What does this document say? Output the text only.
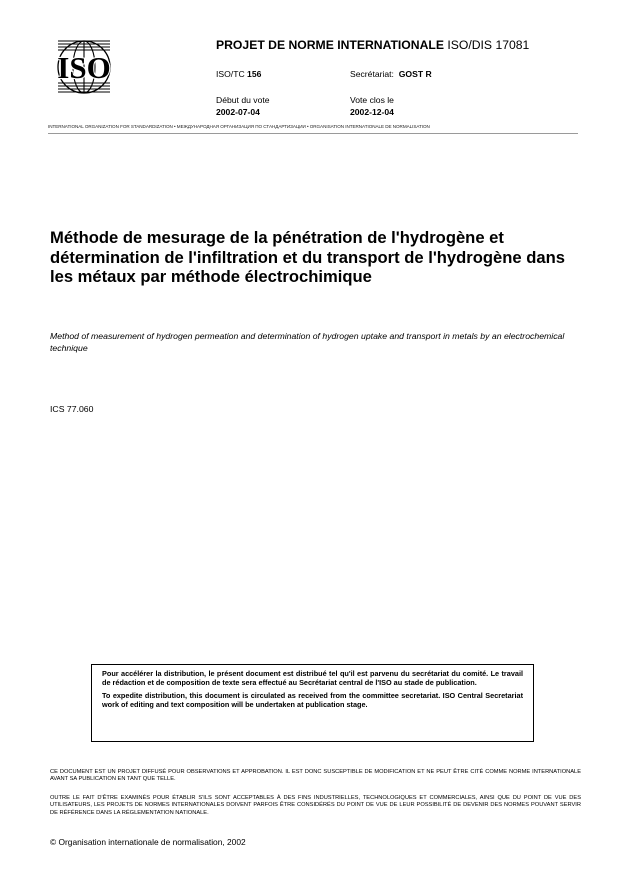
ISO
PROJET DE NORME INTERNATIONALE ISO/DIS 17081
ISO/TC 156	Secrétariat: GOST R
Début du vote
2002-07-04
Vote clos le
2002-12-04
INTERNATIONAL ORGANIZATION FOR STANDARDIZATION • МЕЖДУНАРОДНАЯ ОРГАНИЗАЦИЯ ПО СТАНДАРТИЗАЦИИ • ORGANISATION INTERNATIONALE DE NORMALISATION
Méthode de mesurage de la pénétration de l'hydrogène et détermination de l'infiltration et du transport de l'hydrogène dans les métaux par méthode électrochimique
Method of measurement of hydrogen permeation and determination of hydrogen uptake and transport in metals by an electrochemical technique
ICS 77.060

Pour accélérer la distribution, le présent document est distribué tel qu'il est parvenu du secrétariat du comité. Le travail de rédaction et de composition de texte sera effectué au Secrétariat central de l'ISO au stade de publication.

To expedite distribution, this document is circulated as received from the committee secretariat. ISO Central Secretariat work of editing and text composition will be undertaken at publication stage.

CE DOCUMENT EST UN PROJET DIFFUSÉ POUR OBSERVATIONS ET APPROBATION. IL EST DONC SUSCEPTIBLE DE MODIFICATION ET NE PEUT ÊTRE CITÉ COMME NORME INTERNATIONALE AVANT SA PUBLICATION EN TANT QUE TELLE.
OUTRE LE FAIT D'ÊTRE EXAMINÉS POUR ÉTABLIR S'ILS SONT ACCEPTABLES À DES FINS INDUSTRIELLES, TECHNOLOGIQUES ET COMMERCIALES, AINSI QUE DU POINT DE VUE DES UTILISATEURS, LES PROJETS DE NORMES INTERNATIONALES DOIVENT PARFOIS ÊTRE CONSIDÉRÉS DU POINT DE VUE DE LEUR POSSIBILITÉ DE DEVENIR DES NORMES POUVANT SERVIR DE RÉFÉRENCE DANS LA RÉGLEMENTATION NATIONALE.
© Organisation internationale de normalisation, 2002
